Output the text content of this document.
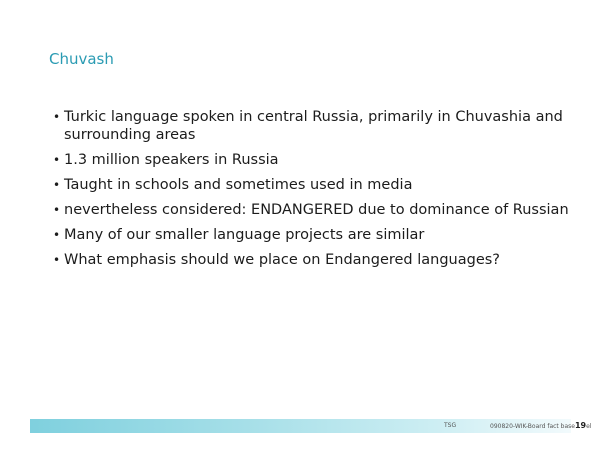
Chuvash
• Turkic language spoken in central Russia, primarily in Chuvashia and surrounding areas
• 1.3 million speakers in Russia
• Taught in schools and sometimes used in media
• nevertheless considered: ENDANGERED due to dominance of Russian
• Many of our smaller language projects are similar
• What emphasis should we place on Endangered languages?
TSG	090820-WIK-Board fact base19el
